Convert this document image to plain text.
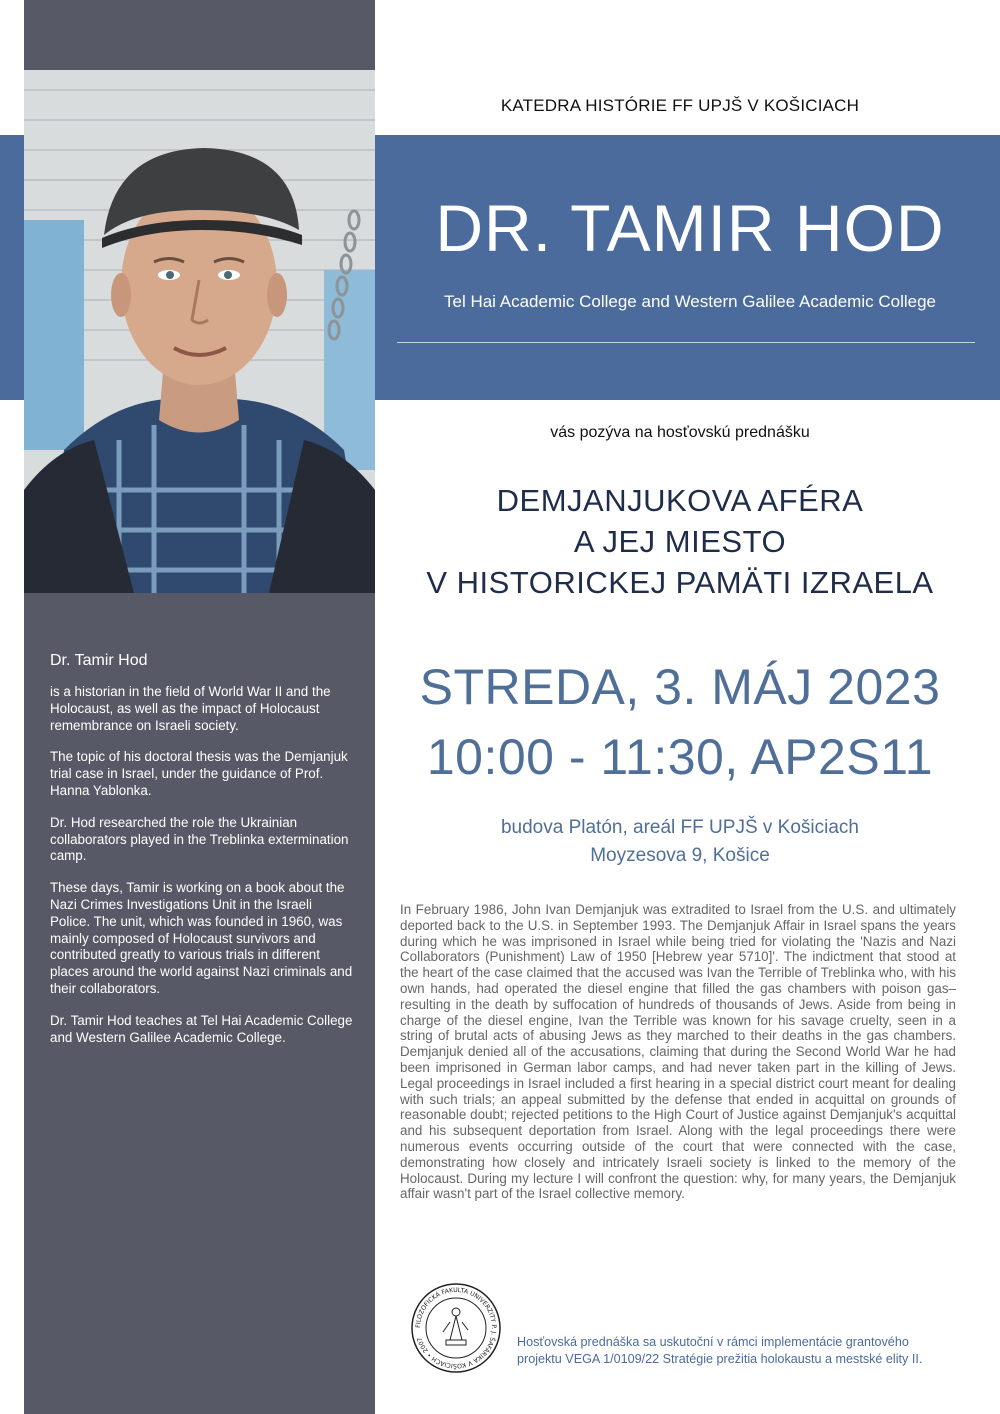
KATEDRA HISTÓRIE FF UPJŠ V KOŠICIACH
DR. TAMIR HOD
Tel Hai Academic College and Western Galilee Academic College
vás pozýva na hosťovskú prednášku
DEMJANJUKOVA AFÉRA
A JEJ MIESTO
V HISTORICKEJ PAMÄTI IZRAELA
STREDA, 3. MÁJ 2023
10:00 - 11:30, AP2S11
budova Platón, areál FF UPJŠ v Košiciach
Moyzesova 9, Košice
In February 1986, John Ivan Demjanjuk was extradited to Israel from the U.S. and ultimately deported back to the U.S. in September 1993. The Demjanjuk Affair in Israel spans the years during which he was imprisoned in Israel while being tried for violating the 'Nazis and Nazi Collaborators (Punishment) Law of 1950 [Hebrew year 5710]'. The indictment that stood at the heart of the case claimed that the accused was Ivan the Terrible of Treblinka who, with his own hands, had operated the diesel engine that filled the gas chambers with poison gas–resulting in the death by suffocation of hundreds of thousands of Jews. Aside from being in charge of the diesel engine, Ivan the Terrible was known for his savage cruelty, seen in a string of brutal acts of abusing Jews as they marched to their deaths in the gas chambers. Demjanjuk denied all of the accusations, claiming that during the Second World War he had been imprisoned in German labor camps, and had never taken part in the killing of Jews. Legal proceedings in Israel included a first hearing in a special district court meant for dealing with such trials; an appeal submitted by the defense that ended in acquittal on grounds of reasonable doubt; rejected petitions to the High Court of Justice against Demjanjuk's acquittal and his subsequent deportation from Israel. Along with the legal proceedings there were numerous events occurring outside of the court that were connected with the case, demonstrating how closely and intricately Israeli society is linked to the memory of the Holocaust. During my lecture I will confront the question: why, for many years, the Demjanjuk affair wasn't part of the Israel collective memory.
Dr. Tamir Hod

is a historian in the field of World War II and the Holocaust, as well as the impact of Holocaust remembrance on Israeli society.

The topic of his doctoral thesis was the Demjanjuk trial case in Israel, under the guidance of Prof. Hanna Yablonka.

Dr. Hod researched the role the Ukrainian collaborators played in the Treblinka extermination camp.

These days, Tamir is working on a book about the Nazi Crimes Investigations Unit in the Israeli Police. The unit, which was founded in 1960, was mainly composed of Holocaust survivors and contributed greatly to various trials in different places around the world against Nazi criminals and their collaborators.

Dr. Tamir Hod teaches at Tel Hai Academic College and Western Galilee Academic College.

FILOZOFICKÁ FAKULTA UNIVERZITY P. J. ŠAFÁRIKA V KOŠICIACH • 2007	Hosťovská prednáška sa uskutoční v rámci implementácie grantového
projektu VEGA 1/0109/22 Stratégie prežitia holokaustu a mestské elity II.
